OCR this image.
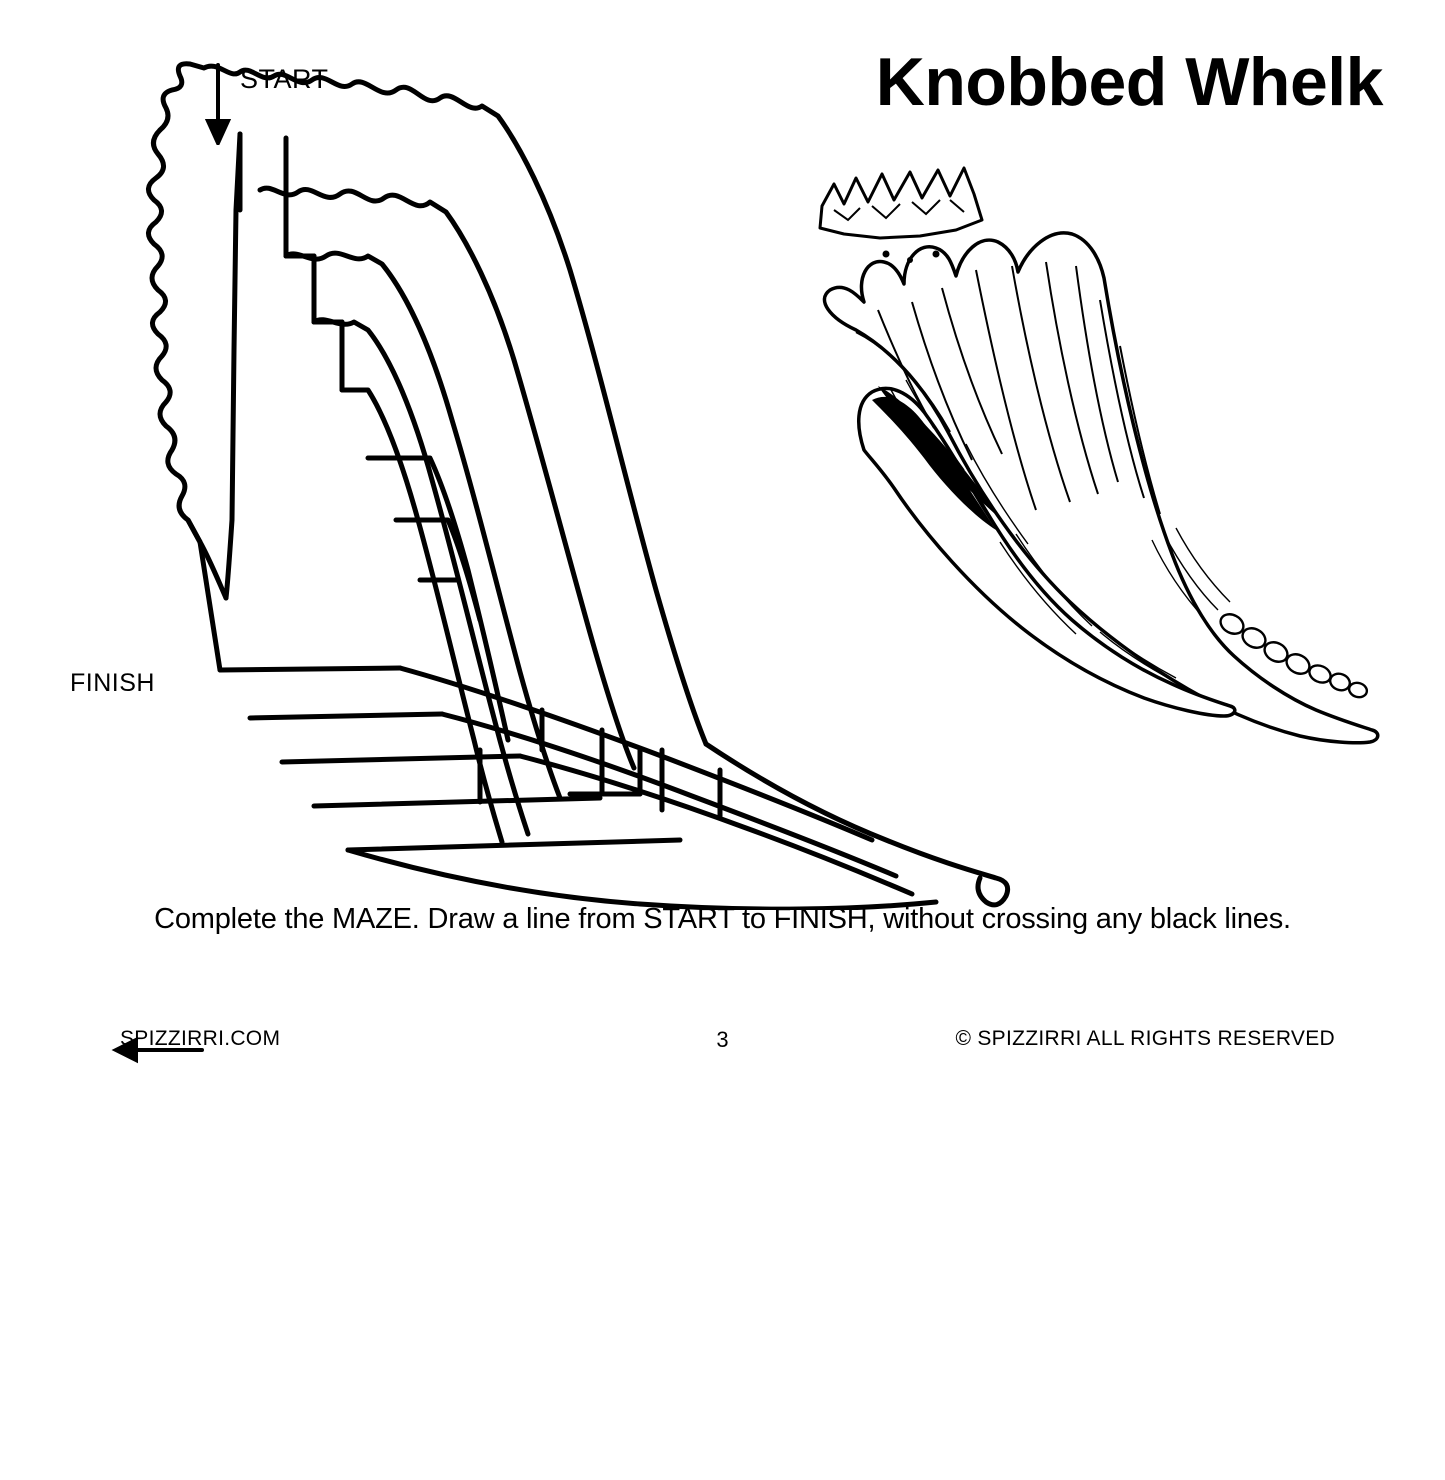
Knobbed Whelk
START
FINISH
Complete the MAZE. Draw a line from START to FINISH, without crossing any black lines.
SPIZZIRRI.COM	3	© SPIZZIRRI ALL RIGHTS RESERVED
